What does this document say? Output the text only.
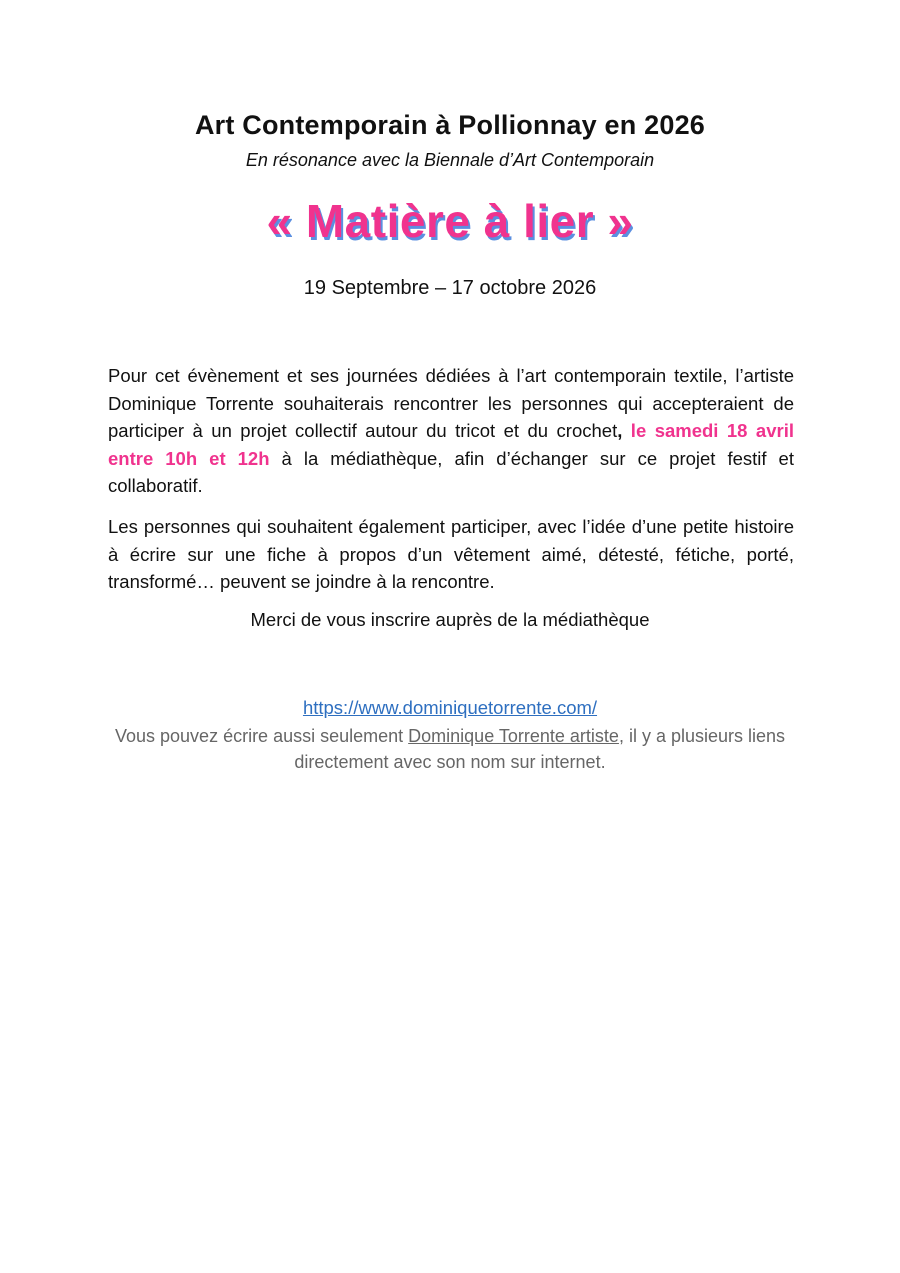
Art Contemporain à Pollionnay en 2026
En résonance avec la Biennale d’Art Contemporain
« Matière à lier »
19 Septembre – 17 octobre 2026

Pour cet évènement et ses journées dédiées à l’art contemporain textile, l’artiste Dominique Torrente souhaiterais rencontrer les personnes qui accepteraient de participer à un projet collectif autour du tricot et du crochet, le samedi 18 avril entre 10h et 12h à la médiathèque, afin d’échanger sur ce projet festif et collaboratif.

Les personnes qui souhaitent également participer, avec l’idée d’une petite histoire à écrire sur une fiche à propos d’un vêtement aimé, détesté, fétiche, porté, transformé… peuvent se joindre à la rencontre.

Merci de vous inscrire auprès de la médiathèque
https://www.dominiquetorrente.com/
Vous pouvez écrire aussi seulement Dominique Torrente artiste, il y a plusieurs liens directement avec son nom sur internet.
